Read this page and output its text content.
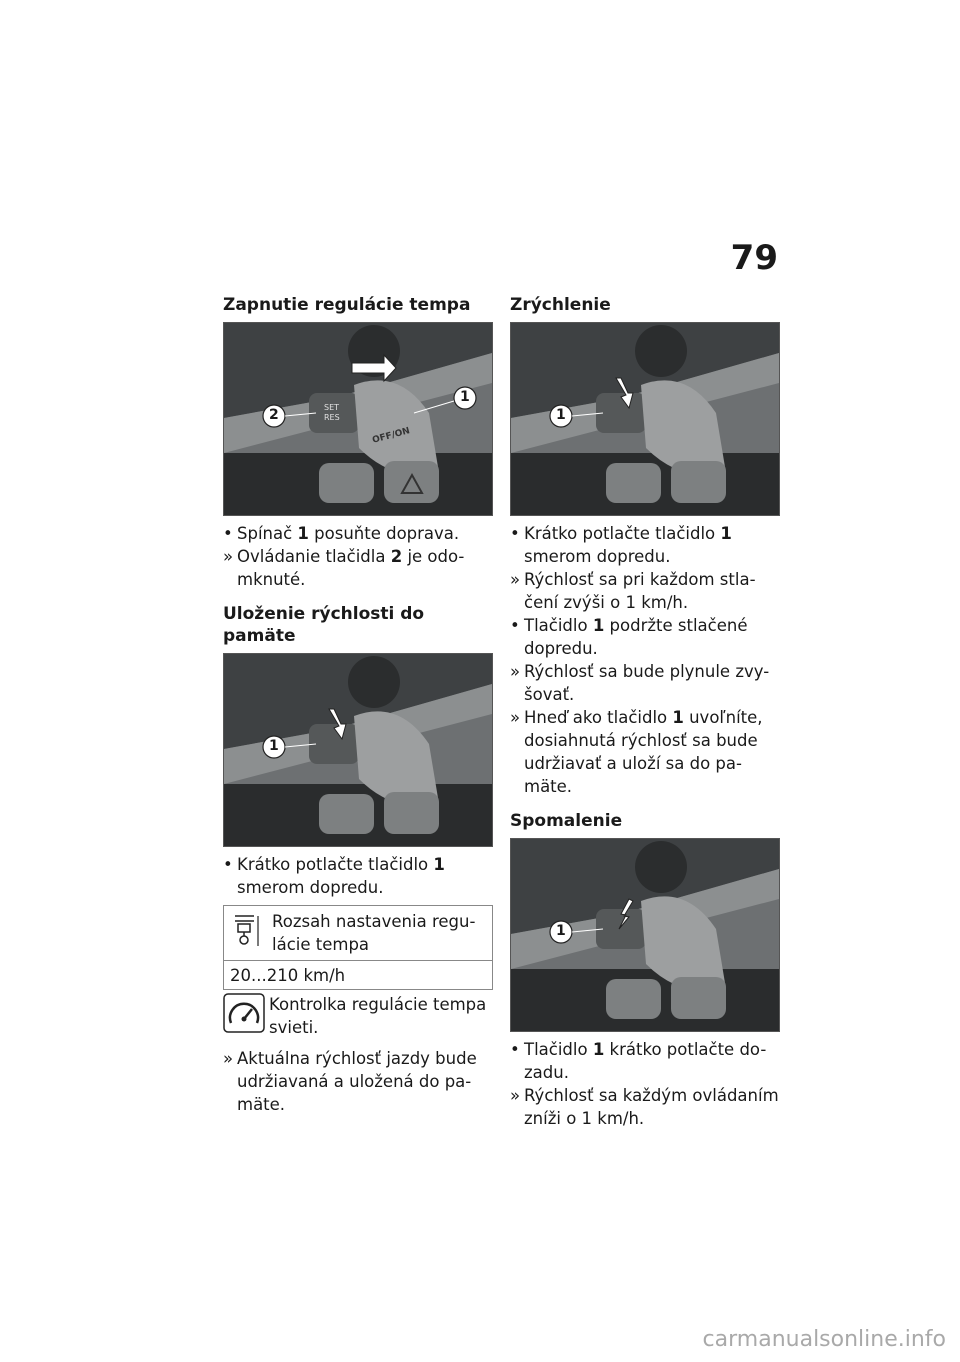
79
Zapnutie regulácie tempa
1
2	SET
RES
OFF/ON

• Spínač 1 posuňte doprava.

» Ovládanie tlačidla 2 je odo-
mknuté.

Uloženie rýchlosti do pamäte
1

• Krátko potlačte tlačidlo 1
smerom dopredu.

Rozsah nastavenia regu-
lácie tempa
20...210 km/h
Kontrolka regulácie tempa
svieti.

» Aktuálna rýchlosť jazdy bude
udržiavaná a uložená do pa-
mäte.

Zrýchlenie
1

• Krátko potlačte tlačidlo 1
smerom dopredu.

» Rýchlosť sa pri každom stla-
čení zvýši o 1 km/h.

• Tlačidlo 1 podržte stlačené
dopredu.

» Rýchlosť sa bude plynule zvy-
šovať.

» Hneď ako tlačidlo 1 uvoľníte,
dosiahnutá rýchlosť sa bude
udržiavať a uloží sa do pa-
mäte.

Spomalenie
1

• Tlačidlo 1 krátko potlačte do-
zadu.

» Rýchlosť sa každým ovládaním
zníži o 1 km/h.

carmanualsonline.info
